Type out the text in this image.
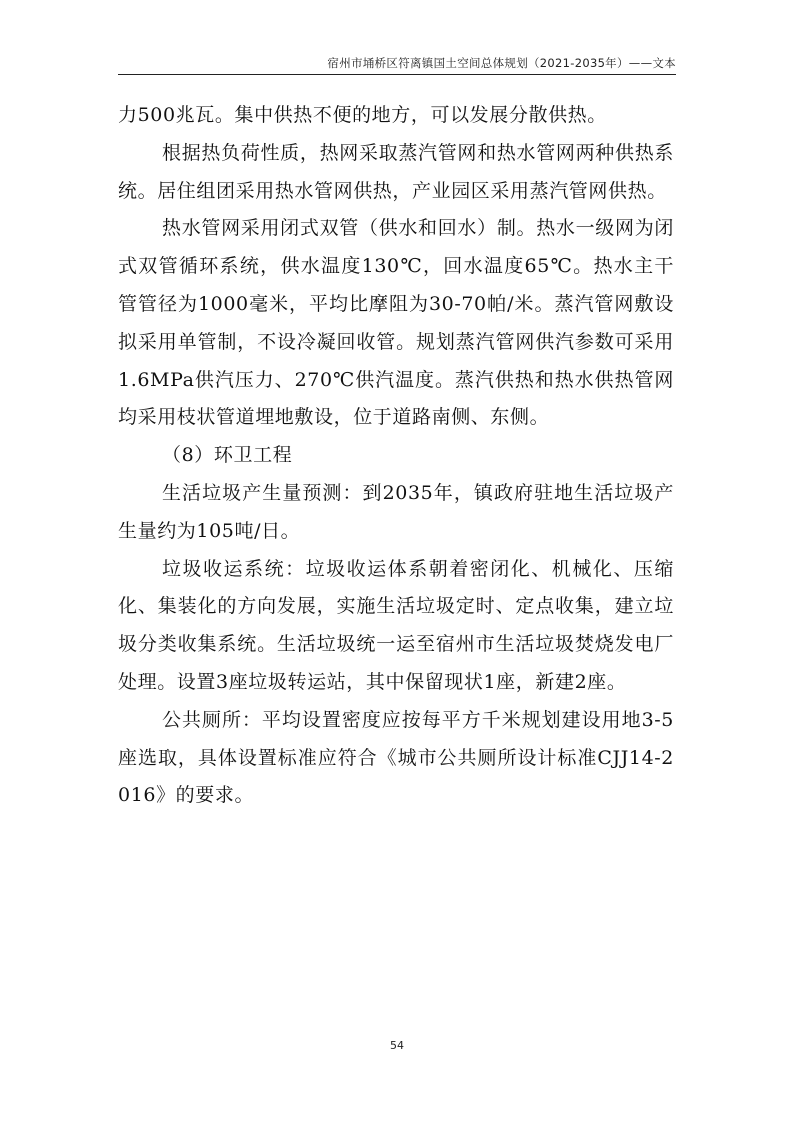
宿州市埇桥区符离镇国土空间总体规划（2021-2035年）——文本

力500兆瓦。集中供热不便的地方，可以发展分散供热。

根据热负荷性质，热网采取蒸汽管网和热水管网两种供热系统。居住组团采用热水管网供热，产业园区采用蒸汽管网供热。

热水管网采用闭式双管（供水和回水）制。热水一级网为闭式双管循环系统，供水温度130℃，回水温度65℃。热水主干管管径为1000毫米，平均比摩阻为30-70帕/米。蒸汽管网敷设拟采用单管制，不设冷凝回收管。规划蒸汽管网供汽参数可采用1.6MPa供汽压力、270℃供汽温度。蒸汽供热和热水供热管网均采用枝状管道埋地敷设，位于道路南侧、东侧。

（8）环卫工程

生活垃圾产生量预测：到2035年，镇政府驻地生活垃圾产生量约为105吨/日。

垃圾收运系统：垃圾收运体系朝着密闭化、机械化、压缩化、集装化的方向发展，实施生活垃圾定时、定点收集，建立垃圾分类收集系统。生活垃圾统一运至宿州市生活垃圾焚烧发电厂处理。设置3座垃圾转运站，其中保留现状1座，新建2座。

公共厕所：平均设置密度应按每平方千米规划建设用地3-5座选取，具体设置标准应符合《城市公共厕所设计标准CJJ14-2016》的要求。

54
